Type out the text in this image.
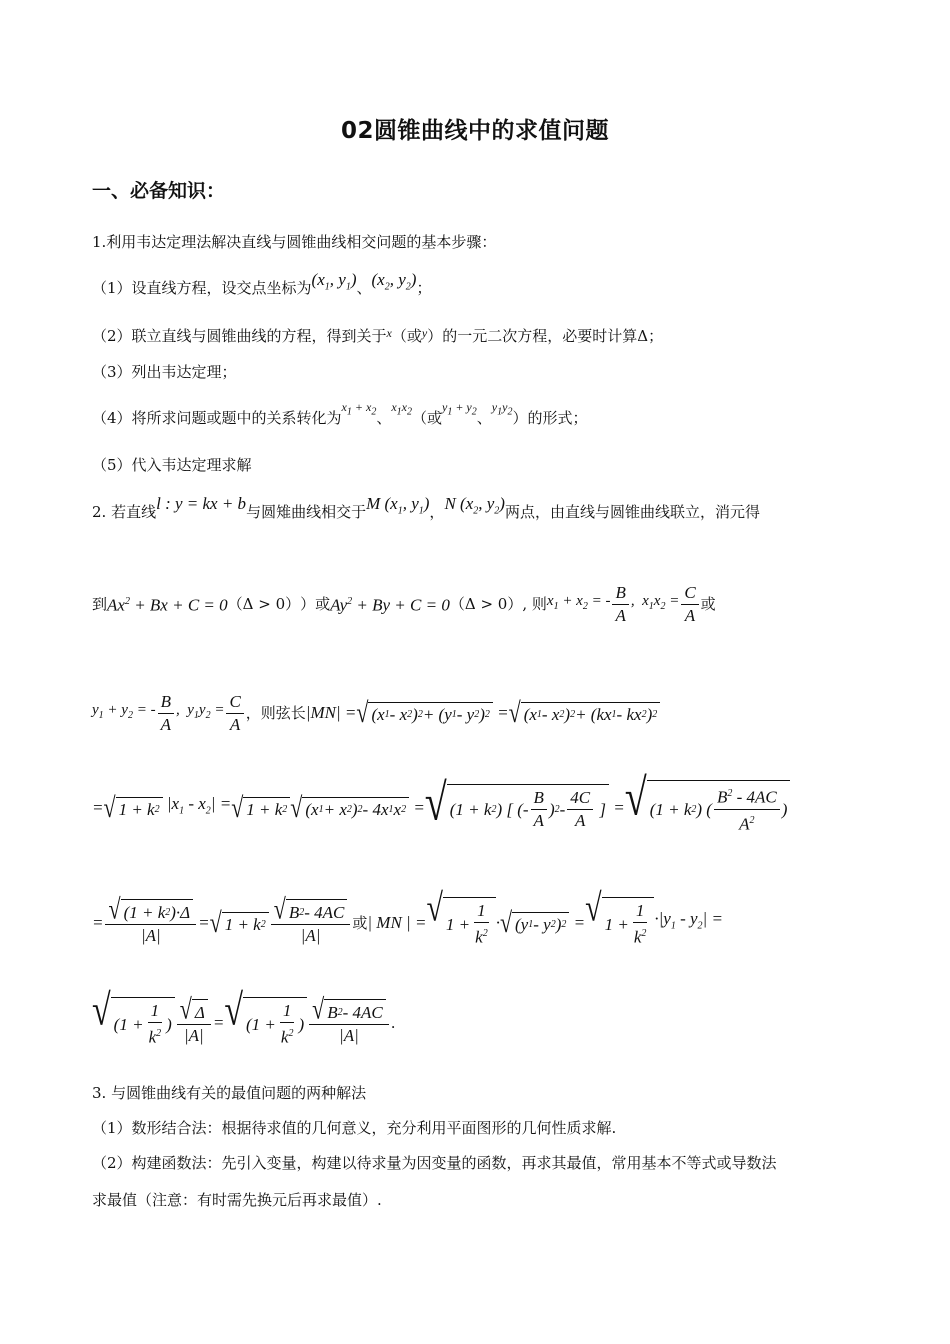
02圆锥曲线中的求值问题
一、必备知识：
1.利用韦达定理法解决直线与圆锥曲线相交问题的基本步骤：
（1）设直线方程，设交点坐标为($x_1$, $y_1$)、($x_2$, $y_2$)；
（2）联立直线与圆锥曲线的方程，得到关于$^x$（或$^y$）的一元二次方程，必要时计算Δ；
（3）列出韦达定理；
（4）将所求问题或题中的关系转化为$^{x_1 + x_2}$、$^{x_1x_2}$（或$^{y_1 + y_2}$、$^{y_1y_2}$）的形式；
（5）代入韦达定理求解
2. 若直线l : y = kx + b与圆雉曲线相交于M ($x_1$, $y_1$)，N ($x_2$, $y_2$)两点，由直线与圆锥曲线联立，消元得
到 $Ax^2 + Bx + C = 0$ （ Δ > 0） ）或 $Ay^2 + By + C = 0$ （ Δ > 0 ）, 则 $x_1 + x_2$ = - $\frac{B}{A}$ ,  $x_1x_2 = \frac{C}{A}$ 或
$y_1 + y_2$ = - $\frac{B}{A}$ ,  $y_1y_2 = \frac{C}{A}$ ，则弦长 |MN| = √ (x 1 - x 2 ) 2 + (y 1 - y 2 ) 2 = √ (x 1 - x 2 ) 2 + (kx 1 - kx 2 ) 2
= √ 1 + k 2 $|x_1 - x_2|$ = √ 1 + k 2 √ (x 1 + x 2 ) 2 - 4x 1 x 2 = √ (1 + k 2 ) [ (- $\frac{B}{A}$ ) $2 - \frac{4C}{A}$ ] = √ (1 + k 2 ) ( $\frac{B^2 - 4AC}{A^2}$ )
= $\frac{√ (1 + k 2 )\cdot\Delta}{|A|}$ = √ 1 + k $2 \frac{√ B 2 - 4AC}{|A|}$ 或 | MN | = √ $1 + \frac{1}{k^2}$ · √ (y 1 - y 2 ) 2 = √ $1 + \frac{1}{k^2} \cdot|y_1 - y_2|$ =
√ ($1 + \frac{1}{k^2}$ ) $\frac{√ \Delta}{|A|}$ = √ ($1 + \frac{1}{k^2}$ ) $\frac{√ B 2 - 4AC}{|A|}$ .
3. 与圆锥曲线有关的最值问题的两种解法
（1）数形结合法：根据待求值的几何意义，充分利用平面图形的几何性质求解.
（2）构建函数法：先引入变量，构建以待求量为因变量的函数，再求其最值，常用基本不等式或导数法
求最值（注意：有时需先换元后再求最值）.
